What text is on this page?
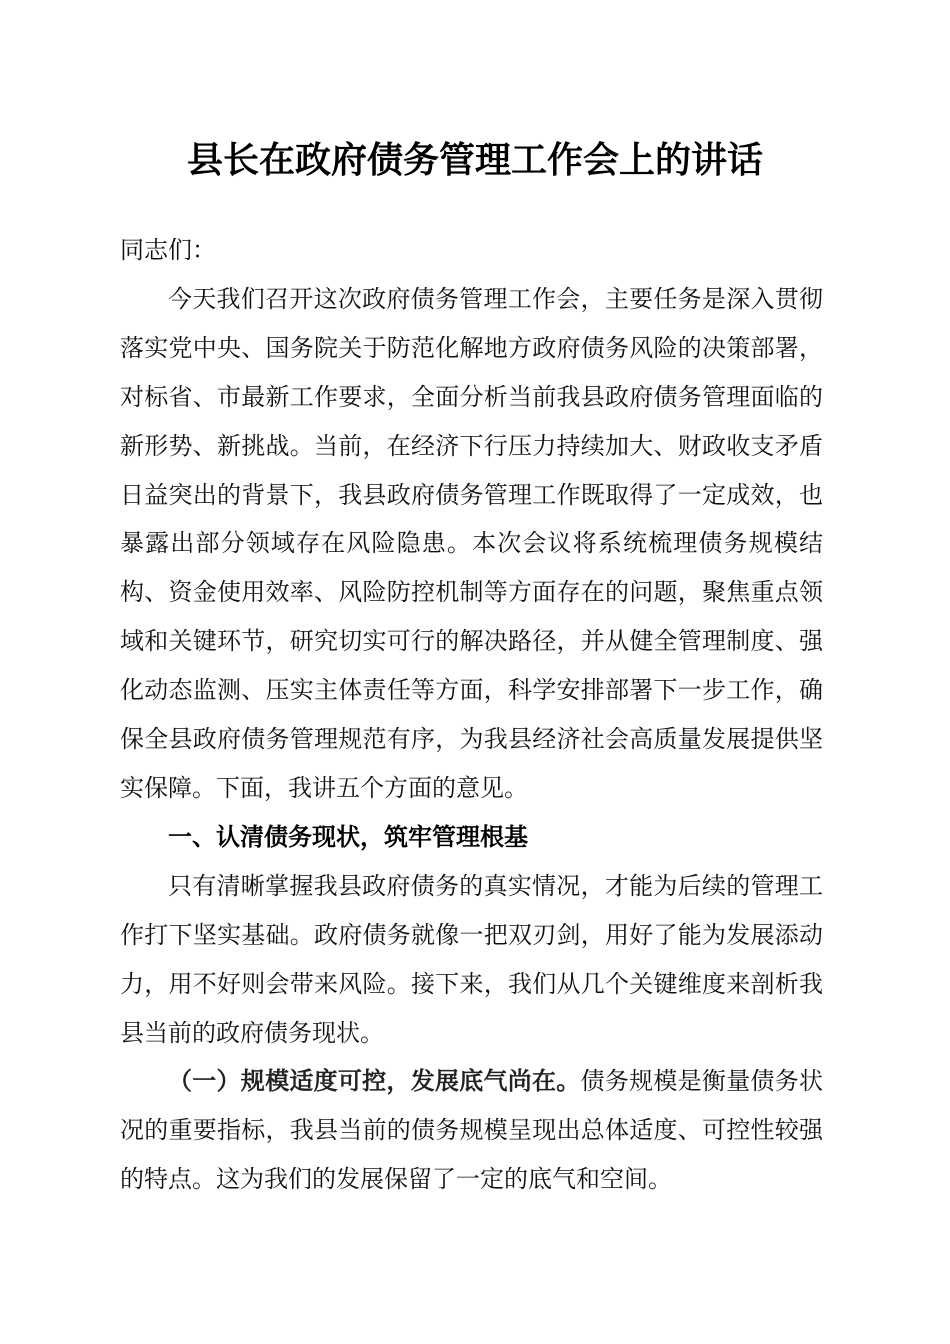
县长在政府债务管理工作会上的讲话

同志们：

今天我们召开这次政府债务管理工作会，主要任务是深入贯彻落实党中央、国务院关于防范化解地方政府债务风险的决策部署，对标省、市最新工作要求，全面分析当前我县政府债务管理面临的新形势、新挑战。当前，在经济下行压力持续加大、财政收支矛盾日益突出的背景下，我县政府债务管理工作既取得了一定成效，也暴露出部分领域存在风险隐患。本次会议将系统梳理债务规模结构、资金使用效率、风险防控机制等方面存在的问题，聚焦重点领域和关键环节，研究切实可行的解决路径，并从健全管理制度、强化动态监测、压实主体责任等方面，科学安排部署下一步工作，确保全县政府债务管理规范有序，为我县经济社会高质量发展提供坚实保障。下面，我讲五个方面的意见。

一、认清债务现状，筑牢管理根基

只有清晰掌握我县政府债务的真实情况，才能为后续的管理工作打下坚实基础。政府债务就像一把双刃剑，用好了能为发展添动力，用不好则会带来风险。接下来，我们从几个关键维度来剖析我县当前的政府债务现状。

（一）规模适度可控，发展底气尚在。债务规模是衡量债务状况的重要指标，我县当前的债务规模呈现出总体适度、可控性较强的特点。这为我们的发展保留了一定的底气和空间。
